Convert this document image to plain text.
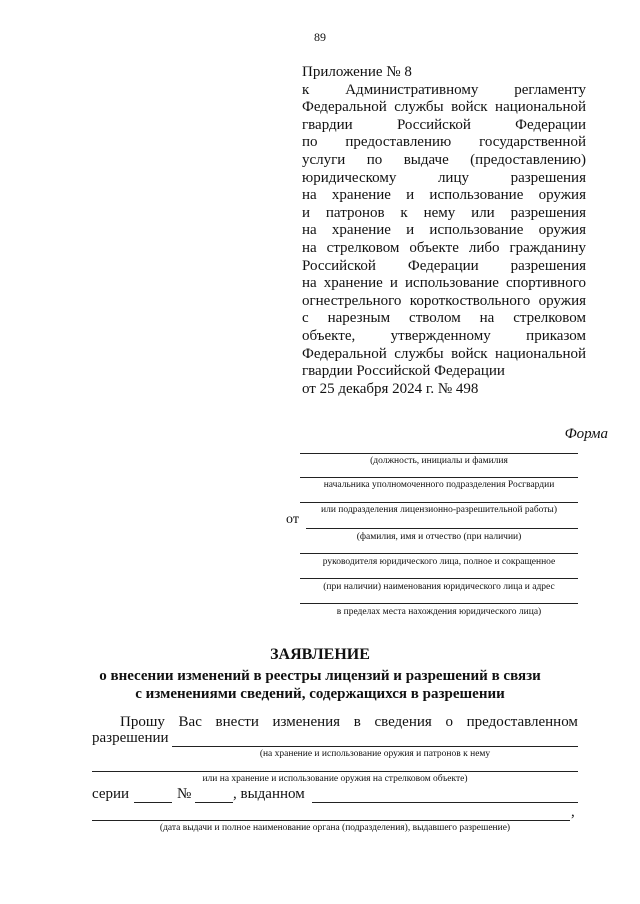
89
Приложение № 8
к Административному регламенту
Федеральной службы войск национальной
гвардии Российской Федерации
по предоставлению государственной
услуги по выдаче (предоставлению)
юридическому лицу разрешения
на хранение и использование оружия
и патронов к нему или разрешения
на хранение и использование оружия
на стрелковом объекте либо гражданину
Российской Федерации разрешения
на хранение и использование спортивного
огнестрельного короткоствольного оружия
с нарезным стволом на стрелковом
объекте, утвержденному приказом
Федеральной службы войск национальной
гвардии Российской Федерации
от 25 декабря 2024 г. № 498
Форма
(должность, инициалы и фамилия
начальника уполномоченного подразделения Росгвардии
или подразделения лицензионно-разрешительной работы)
от
(фамилия, имя и отчество (при наличии)
руководителя юридического лица, полное и сокращенное
(при наличии) наименования юридического лица и адрес
в пределах места нахождения юридического лица)
ЗАЯВЛЕНИЕ
о внесении изменений в реестры лицензий и разрешений в связи
с изменениями сведений, содержащихся в разрешении
Прошу Вас внести изменения в сведения о предоставленном
разрешении
(на хранение и использование оружия и патронов к нему
или на хранение и использование оружия на стрелковом объекте)
серии	№	, выданном
,
(дата выдачи и полное наименование органа (подразделения), выдавшего разрешение)
